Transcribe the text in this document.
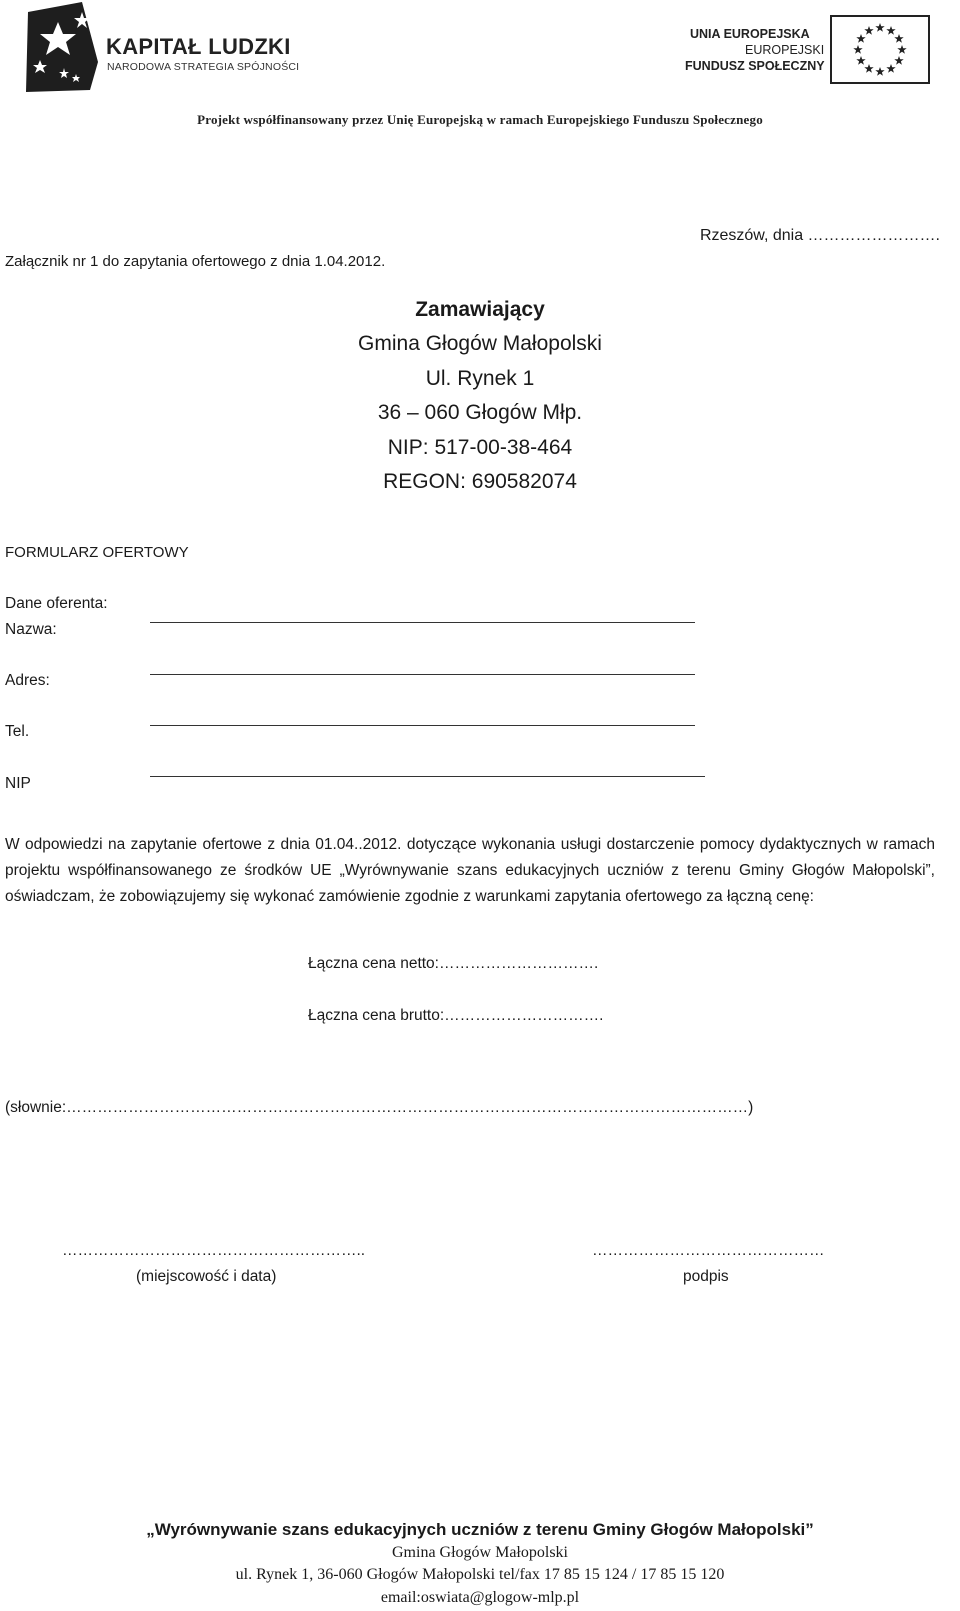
KAPITAŁ LUDZKI
NARODOWA STRATEGIA SPÓJNOŚCI
UNIA EUROPEJSKA
EUROPEJSKI
FUNDUSZ SPOŁECZNY
Projekt współfinansowany przez Unię Europejską w ramach Europejskiego Funduszu Społecznego
Rzeszów, dnia …………………….
Załącznik nr 1 do zapytania ofertowego z dnia 1.04.2012.
Zamawiający
Gmina Głogów Małopolski
Ul. Rynek 1
36 – 060 Głogów Młp.
NIP: 517-00-38-464
REGON: 690582074
FORMULARZ OFERTOWY
Dane oferenta:
Nazwa:
Adres:
Tel.
NIP
W odpowiedzi na zapytanie ofertowe z dnia 01.04..2012. dotyczące wykonania usługi dostarczenie pomocy dydaktycznych w ramach projektu współfinansowanego ze środków UE „Wyrównywanie szans edukacyjnych uczniów z terenu Gminy Głogów Małopolski”, oświadczam, że zobowiązujemy się wykonać zamówienie zgodnie z warunkami zapytania ofertowego za łączną cenę:
Łączna cena netto:………………………….
Łączna cena brutto:………………………….
(słownie:……………………………………………………………………………………………………………………)
…………………………………………………..
(miejscowość i data)
………………………………………
podpis
„Wyrównywanie szans edukacyjnych uczniów z terenu Gminy Głogów Małopolski”
Gmina Głogów Małopolski
ul. Rynek 1, 36-060 Głogów Małopolski tel/fax 17 85 15 124 / 17 85 15 120
email:oswiata@glogow-mlp.pl
